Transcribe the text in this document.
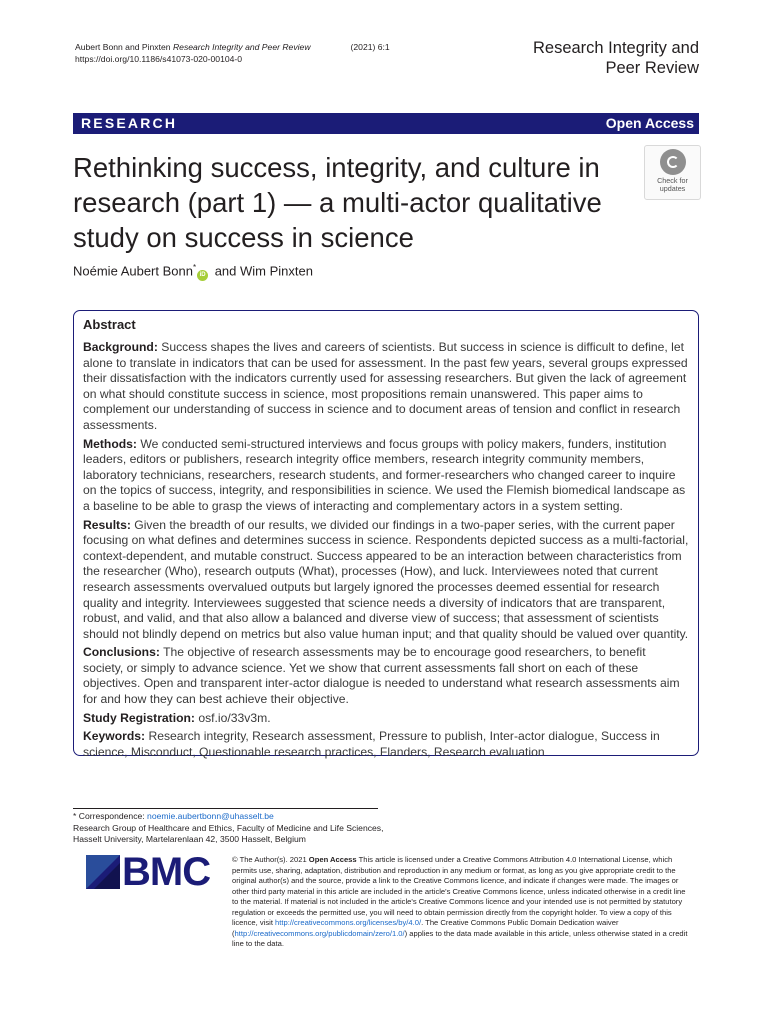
Aubert Bonn and Pinxten Research Integrity and Peer Review	(2021) 6:1
https://doi.org/10.1186/s41073-020-00104-0
Research Integrity and
Peer Review
RESEARCH	Open Access
Rethinking success, integrity, and culture in research (part 1) — a multi-actor qualitative study on success in science
Check for
updates
Noémie Aubert Bonn*iD and Wim Pinxten
Abstract

Background: Success shapes the lives and careers of scientists. But success in science is difficult to define, let alone to translate in indicators that can be used for assessment. In the past few years, several groups expressed their dissatisfaction with the indicators currently used for assessing researchers. But given the lack of agreement on what should constitute success in science, most propositions remain unanswered. This paper aims to complement our understanding of success in science and to document areas of tension and conflict in research assessments.

Methods: We conducted semi-structured interviews and focus groups with policy makers, funders, institution leaders, editors or publishers, research integrity office members, research integrity community members, laboratory technicians, researchers, research students, and former-researchers who changed career to inquire on the topics of success, integrity, and responsibilities in science. We used the Flemish biomedical landscape as a baseline to be able to grasp the views of interacting and complementary actors in a system setting.

Results: Given the breadth of our results, we divided our findings in a two-paper series, with the current paper focusing on what defines and determines success in science. Respondents depicted success as a multi-factorial, context-dependent, and mutable construct. Success appeared to be an interaction between characteristics from the researcher (Who), research outputs (What), processes (How), and luck. Interviewees noted that current research assessments overvalued outputs but largely ignored the processes deemed essential for research quality and integrity. Interviewees suggested that science needs a diversity of indicators that are transparent, robust, and valid, and that also allow a balanced and diverse view of success; that assessment of scientists should not blindly depend on metrics but also value human input; and that quality should be valued over quantity.

Conclusions: The objective of research assessments may be to encourage good researchers, to benefit society, or simply to advance science. Yet we show that current assessments fall short on each of these objectives. Open and transparent inter-actor dialogue is needed to understand what research assessments aim for and how they can best achieve their objective.

Study Registration: osf.io/33v3m.

Keywords: Research integrity, Research assessment, Pressure to publish, Inter-actor dialogue, Success in science, Misconduct, Questionable research practices, Flanders, Research evaluation

* Correspondence: noemie.aubertbonn@uhasselt.be
Research Group of Healthcare and Ethics, Faculty of Medicine and Life Sciences, Hasselt University, Martelarenlaan 42, 3500 Hasselt, Belgium
BMC	© The Author(s). 2021 Open Access This article is licensed under a Creative Commons Attribution 4.0 International License, which permits use, sharing, adaptation, distribution and reproduction in any medium or format, as long as you give appropriate credit to the original author(s) and the source, provide a link to the Creative Commons licence, and indicate if changes were made. The images or other third party material in this article are included in the article's Creative Commons licence, unless indicated otherwise in a credit line to the material. If material is not included in the article's Creative Commons licence and your intended use is not permitted by statutory regulation or exceeds the permitted use, you will need to obtain permission directly from the copyright holder. To view a copy of this licence, visit http://creativecommons.org/licenses/by/4.0/. The Creative Commons Public Domain Dedication waiver (http://creativecommons.org/publicdomain/zero/1.0/) applies to the data made available in this article, unless otherwise stated in a credit line to the data.
